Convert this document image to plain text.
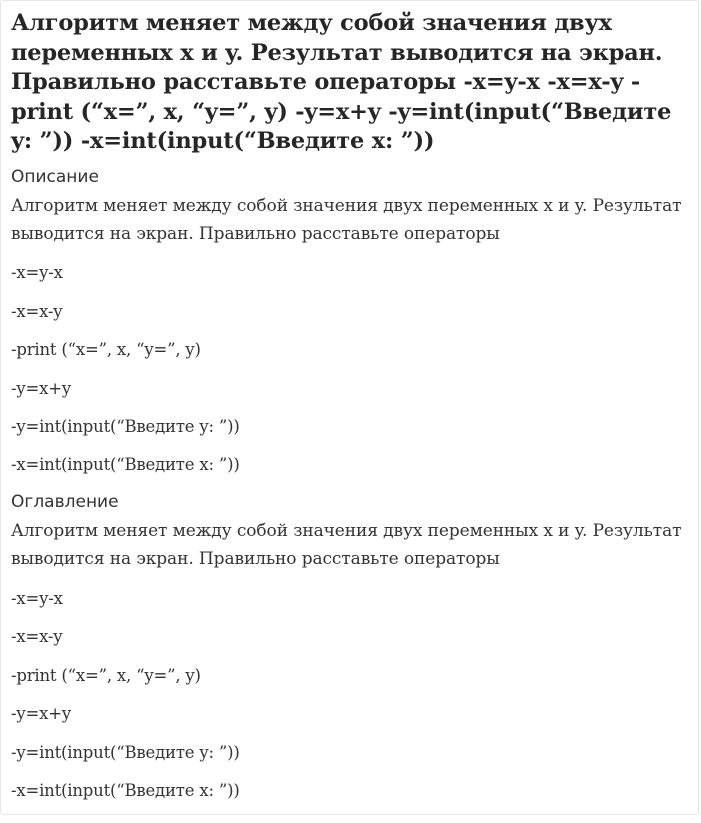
Алгоритм меняет между собой значения двух переменных x и y. Результат выводится на экран. Правильно расставьте операторы -x=y-x -x=x-y -print (“x=”, x, “y=”, y) -y=x+y -y=int(input(“Введите y: ”)) -x=int(input(“Введите x: ”))
Описание

Алгоритм меняет между собой значения двух переменных x и y. Результат выводится на экран. Правильно расставьте операторы

-x=y-x
-x=x-y
-print (“x=”, x, “y=”, y)
-y=x+y
-y=int(input(“Введите y: ”))
-x=int(input(“Введите x: ”))
Оглавление

Алгоритм меняет между собой значения двух переменных x и y. Результат выводится на экран. Правильно расставьте операторы

-x=y-x
-x=x-y
-print (“x=”, x, “y=”, y)
-y=x+y
-y=int(input(“Введите y: ”))
-x=int(input(“Введите x: ”))
